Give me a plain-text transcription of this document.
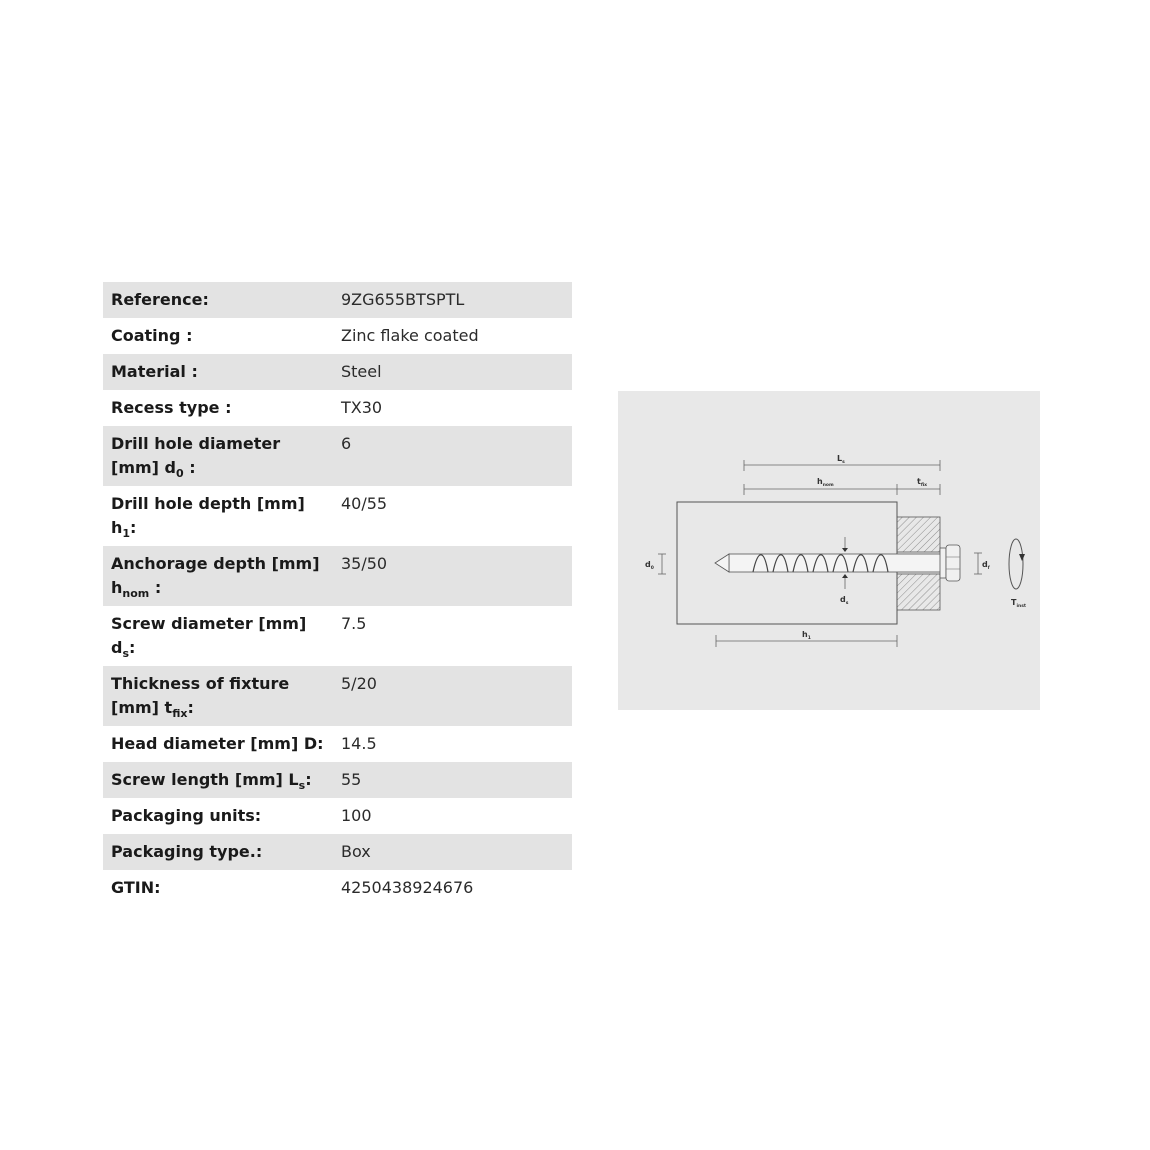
Reference:	9ZG655BTSPTL
Coating :	Zinc flake coated
Material :	Steel
Recess type :	TX30
Drill hole diameter [mm] $d_0$ :	6
Drill hole depth [mm] $h_1$:	40/55
Anchorage depth [mm] $h_{nom}$ :	35/50
Screw diameter [mm] $d_s$:	7.5
Thickness of fixture [mm] $t_{fix}$:	5/20
Head diameter [mm] D:	14.5
Screw length [mm] $L_s$:	55
Packaging units:	100
Packaging type.:	Box
GTIN:	4250438924676
$L_s$
$h_{nom}$	$t_{fix}$
$d_0$	$d_f$
$d_s$
$h_1$
$T_{inst}$
